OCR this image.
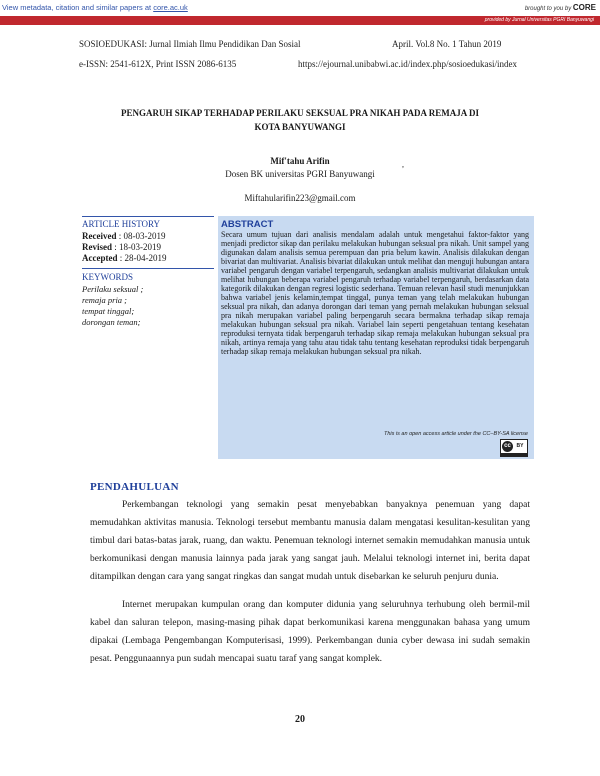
View metadata, citation and similar papers at core.ac.uk	brought to you by CORE
provided by Jurnal Universitas PGRI Banyuwangi
SOSIOEDUKASI: Jurnal Ilmiah Ilmu Pendidikan Dan Sosial	April. Vol.8 No. 1 Tahun 2019
e-ISSN: 2541-612X, Print ISSN 2086-6135	https://ejournal.unibabwi.ac.id/index.php/sosioedukasi/index
PENGARUH SIKAP TERHADAP PERILAKU SEKSUAL PRA NIKAH PADA REMAJA DI
KOTA BANYUWANGI
Mif'tahu Arifin	,
Dosen BK universitas PGRI Banyuwangi
Miftahularifin223@gmail.com
ARTICLE HISTORY
Received : 08-03-2019
Revised : 18-03-2019
Accepted : 28-04-2019
KEYWORDS
Perilaku seksual ;
remaja pria ;
tempat tinggal;
dorongan teman;
ABSTRACT
Secara umum tujuan dari analisis mendalam adalah untuk mengetahui faktor-faktor yang menjadi predictor sikap dan perilaku melakukan hubungan seksual pra nikah. Unit sampel yang digunakan dalam analisis semua perempuan dan pria belum kawin. Analisis dilakukan dengan bivariat dan multivariat. Analisis bivariat dilakukan untuk melihat dan menguji hubungan antara variabel pengaruh dengan variabel terpengaruh, sedangkan analisis multivariat dilakukan untuk melihat hubungan beberapa variabel pengaruh terhadap variabel terpengaruh, berdasarkan data kategorik dilakukan dengan regresi logistic sederhana. Temuan relevan hasil studi menunjukkan bahwa variabel jenis kelamin,tempat tinggal, punya teman yang telah melakukan hubungan seksual pra nikah, dan adanya dorongan dari teman yang pernah melakukan hubungan seksual pra nikah merupakan variabel paling berpengaruh secara bermakna terhadap sikap remaja melakukan hubungan seksual pra nikah. Variabel lain seperti pengetahuan tentang kesehatan reproduksi ternyata tidak berpengaruh terhadap sikap remaja melakukan hubungan seksual pra nikah, artinya remaja yang tahu atau tidak tahu tentang kesehatan reproduksi tidak berpengaruh terhadap sikap remaja melakukan hubungan seksual pra nikah.
This is an open access article under the CC–BY-SA license
cc	BY
PENDAHULUAN
Perkembangan teknologi yang semakin pesat menyebabkan banyaknya penemuan yang dapat memudahkan aktivitas manusia. Teknologi tersebut membantu manusia dalam mengatasi kesulitan-kesulitan yang timbul dari batas-batas jarak, ruang, dan waktu. Penemuan teknologi internet semakin memudahkan manusia untuk berkomunikasi dengan manusia lainnya pada jarak yang sangat jauh. Melalui teknologi internet ini, berita dapat ditampilkan dengan cara yang sangat ringkas dan sangat mudah untuk disebarkan ke seluruh penjuru dunia.
Internet merupakan kumpulan orang dan komputer didunia yang seluruhnya terhubung oleh bermil-mil kabel dan saluran telepon, masing-masing pihak dapat berkomunikasi karena menggunakan bahasa yang umum dipakai (Lembaga Pengembangan Komputerisasi, 1999). Perkembangan dunia cyber dewasa ini sudah semakin pesat. Penggunaannya pun sudah mencapai suatu taraf yang sangat komplek.
20
